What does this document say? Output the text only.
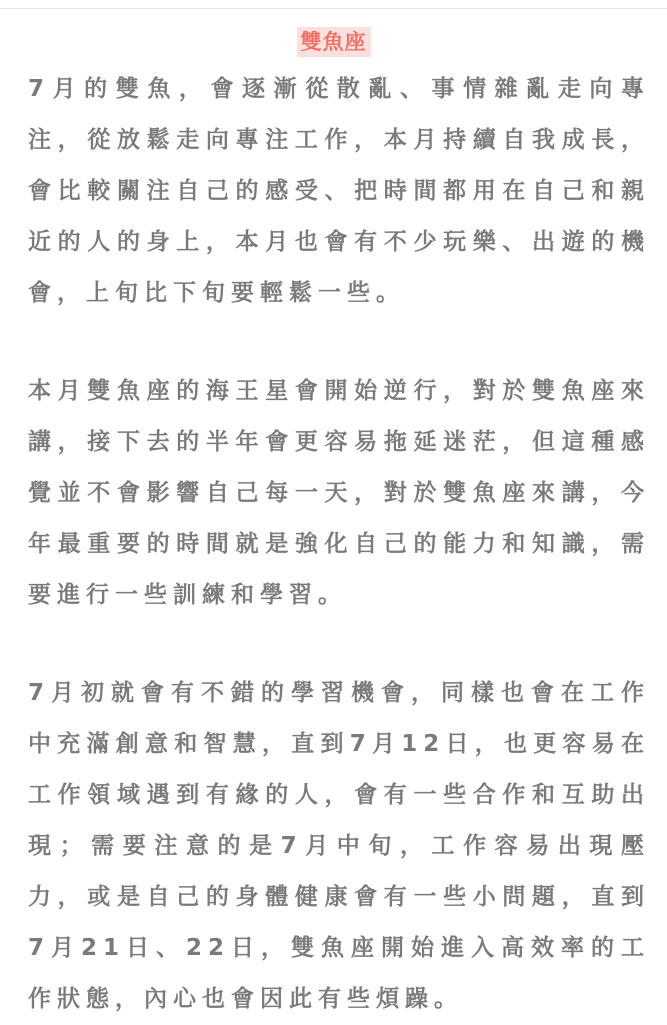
雙魚座

7月的雙魚，會逐漸從散亂、事情雜亂走向專注，從放鬆走向專注工作，本月持續自我成長，會比較關注自己的感受、把時間都用在自己和親近的人的身上，本月也會有不少玩樂、出遊的機會，上旬比下旬要輕鬆一些。

本月雙魚座的海王星會開始逆行，對於雙魚座來講，接下去的半年會更容易拖延迷茫，但這種感覺並不會影響自己每一天，對於雙魚座來講，今年最重要的時間就是強化自己的能力和知識，需要進行一些訓練和學習。

7月初就會有不錯的學習機會，同樣也會在工作中充滿創意和智慧，直到7月12日，也更容易在工作領域遇到有緣的人，會有一些合作和互助出現；需要注意的是7月中旬，工作容易出現壓力，或是自己的身體健康會有一些小問題，直到7月21日、22日，雙魚座開始進入高效率的工作狀態，內心也會因此有些煩躁。
